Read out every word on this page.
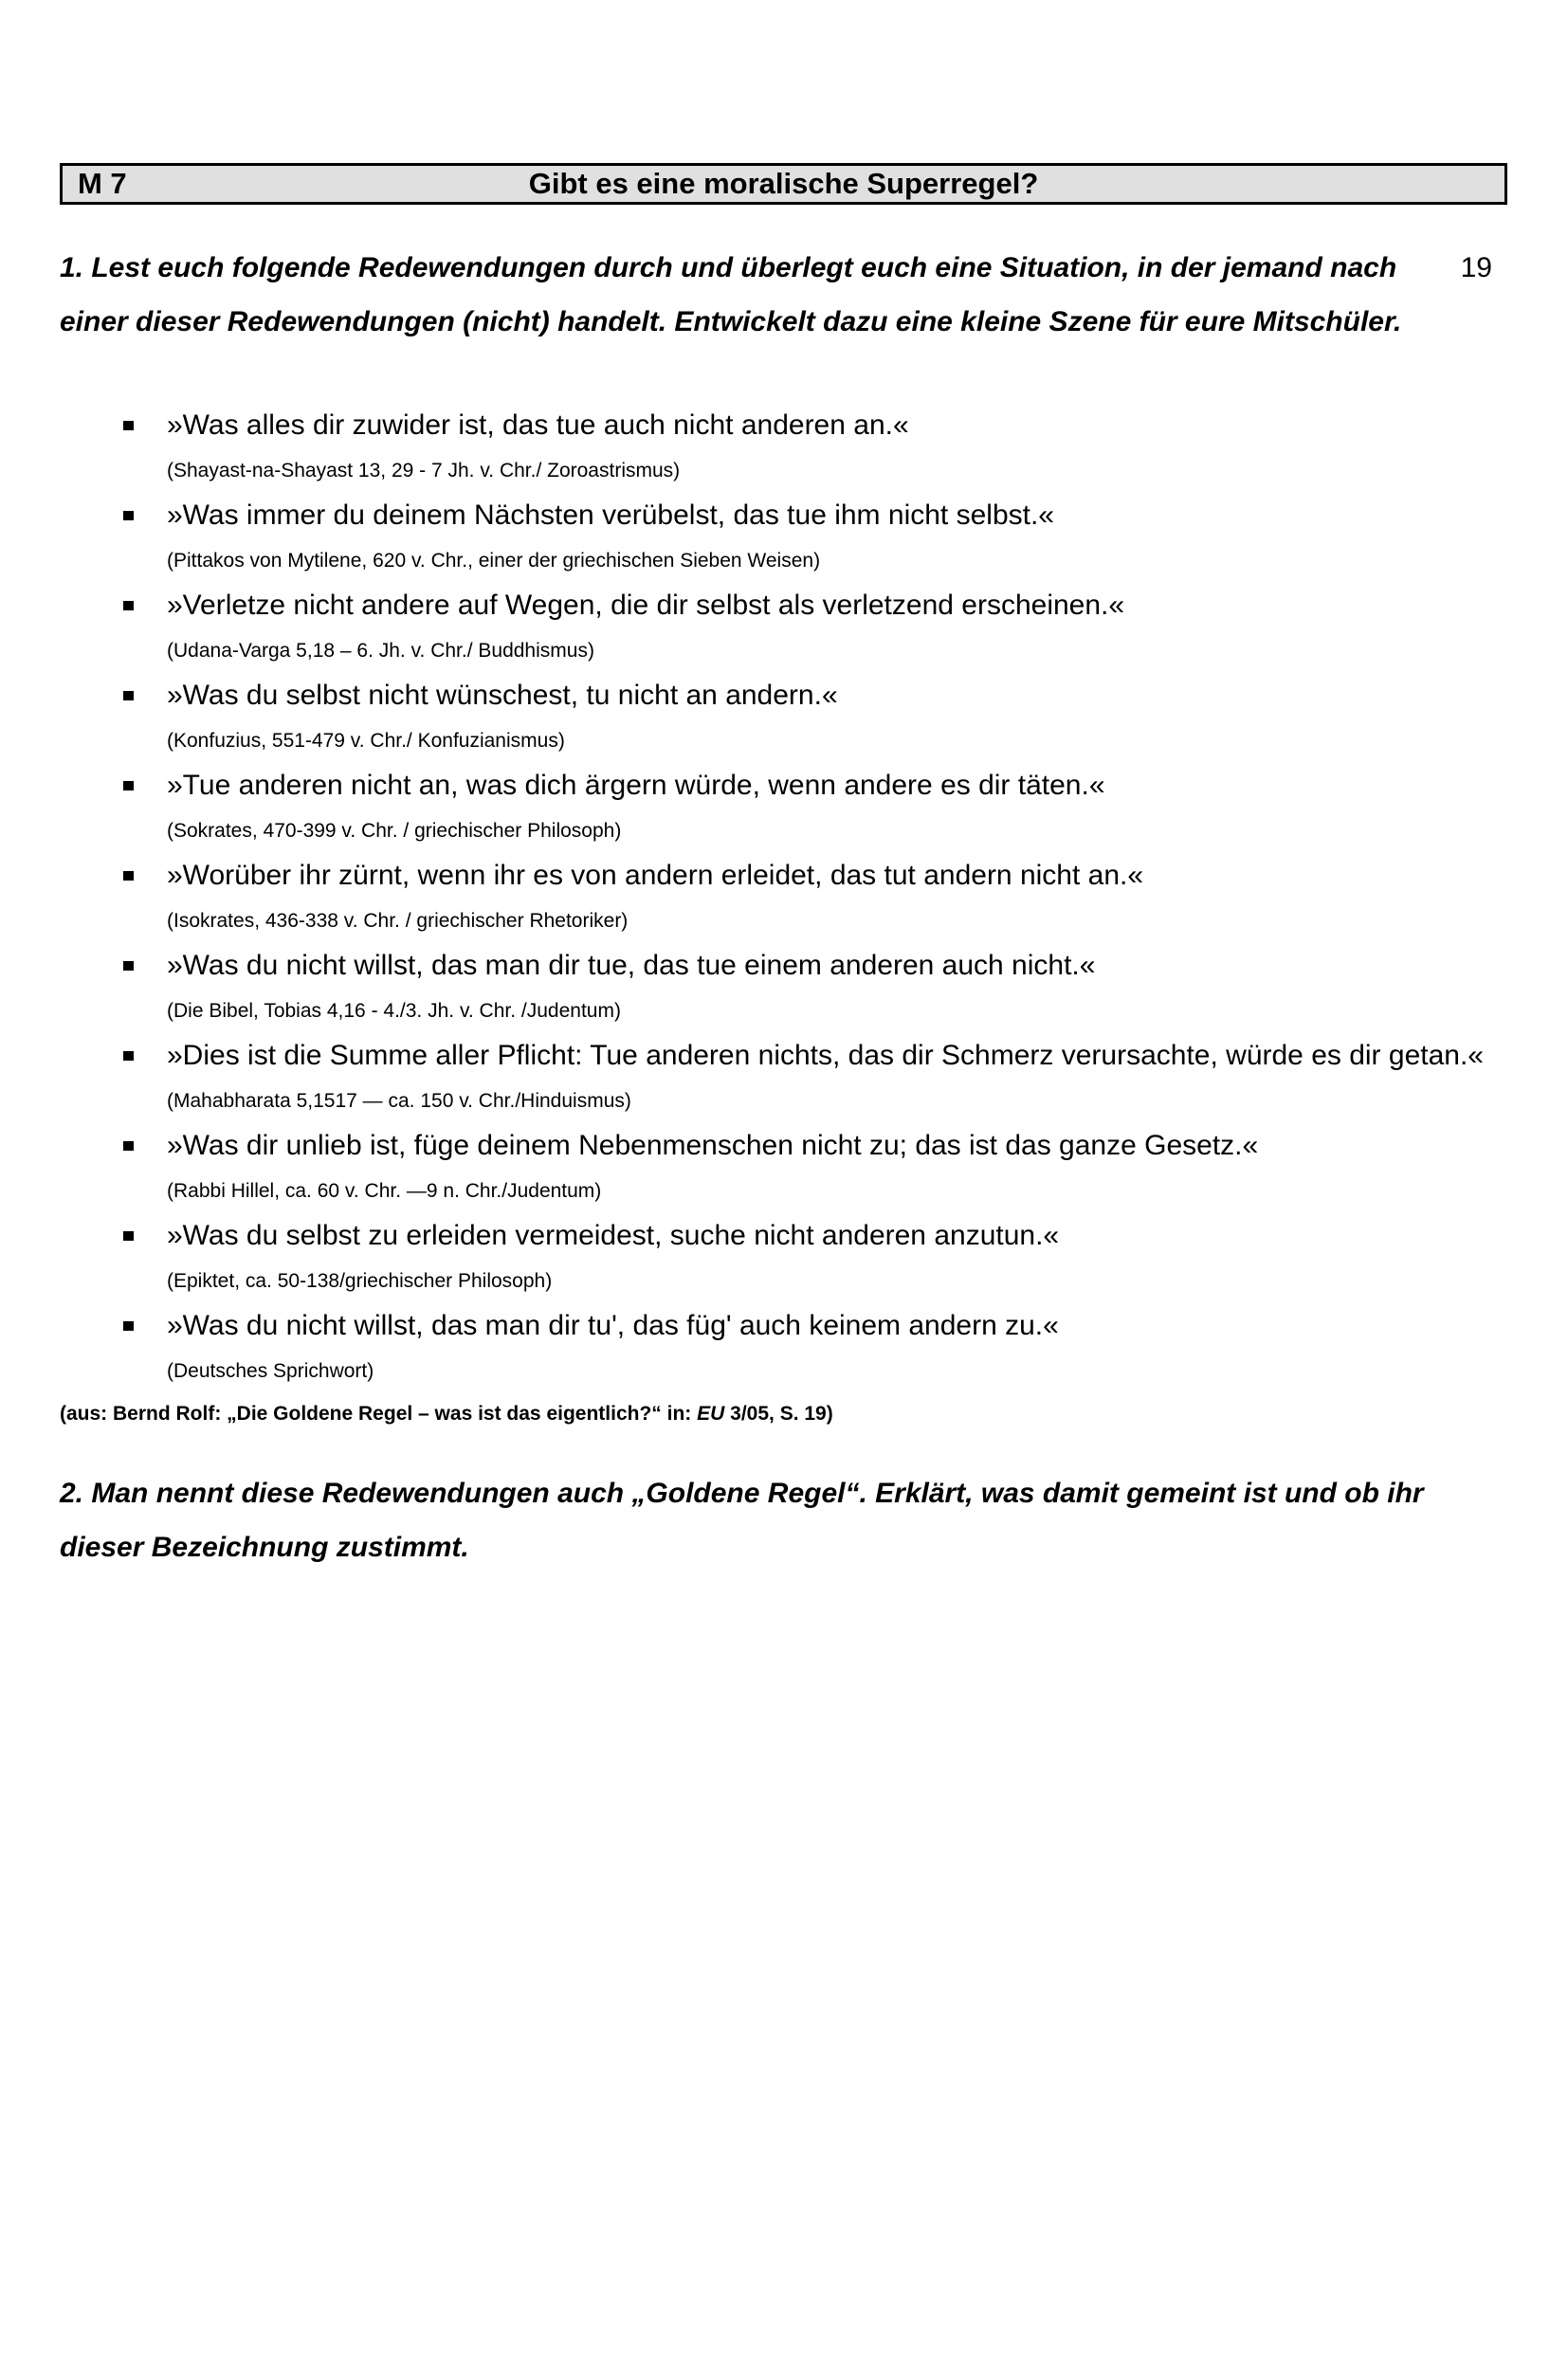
19
M 7	Gibt es eine moralische Superregel?

1. Lest euch folgende Redewendungen durch und überlegt euch eine Situation, in der jemand nach einer dieser Redewendungen (nicht) handelt. Entwickelt dazu eine kleine Szene für eure Mitschüler.

»Was alles dir zuwider ist, das tue auch nicht anderen an.«

(Shayast-na-Shayast 13, 29 - 7 Jh. v. Chr./ Zoroastrismus)

»Was immer du deinem Nächsten verübelst, das tue ihm nicht selbst.«

(Pittakos von Mytilene, 620 v. Chr., einer der griechischen Sieben Weisen)

»Verletze nicht andere auf Wegen, die dir selbst als verletzend erscheinen.«

(Udana-Varga 5,18 – 6. Jh. v. Chr./ Buddhismus)

»Was du selbst nicht wünschest, tu nicht an andern.«

(Konfuzius, 551-479 v. Chr./ Konfuzianismus)

»Tue anderen nicht an, was dich ärgern würde, wenn andere es dir täten.«

(Sokrates, 470-399 v. Chr. / griechischer Philosoph)

»Worüber ihr zürnt, wenn ihr es von andern erleidet, das tut andern nicht an.«

(Isokrates, 436-338 v. Chr. / griechischer Rhetoriker)

»Was du nicht willst, das man dir tue, das tue einem anderen auch nicht.«

(Die Bibel, Tobias 4,16 - 4./3. Jh. v. Chr. /Judentum)

»Dies ist die Summe aller Pflicht: Tue anderen nichts, das dir Schmerz verursachte, würde es dir getan.«

(Mahabharata 5,1517 — ca. 150 v. Chr./Hinduismus)

»Was dir unlieb ist, füge deinem Nebenmenschen nicht zu; das ist das ganze Gesetz.«

(Rabbi Hillel, ca. 60 v. Chr. —9 n. Chr./Judentum)

»Was du selbst zu erleiden vermeidest, suche nicht anderen anzutun.«

(Epiktet, ca. 50-138/griechischer Philosoph)

»Was du nicht willst, das man dir tu', das füg' auch keinem andern zu.«

(Deutsches Sprichwort)

(aus: Bernd Rolf: „Die Goldene Regel – was ist das eigentlich?“ in: EU 3/05, S. 19)

2. Man nennt diese Redewendungen auch „Goldene Regel“. Erklärt, was damit gemeint ist und ob ihr dieser Bezeichnung zustimmt.
